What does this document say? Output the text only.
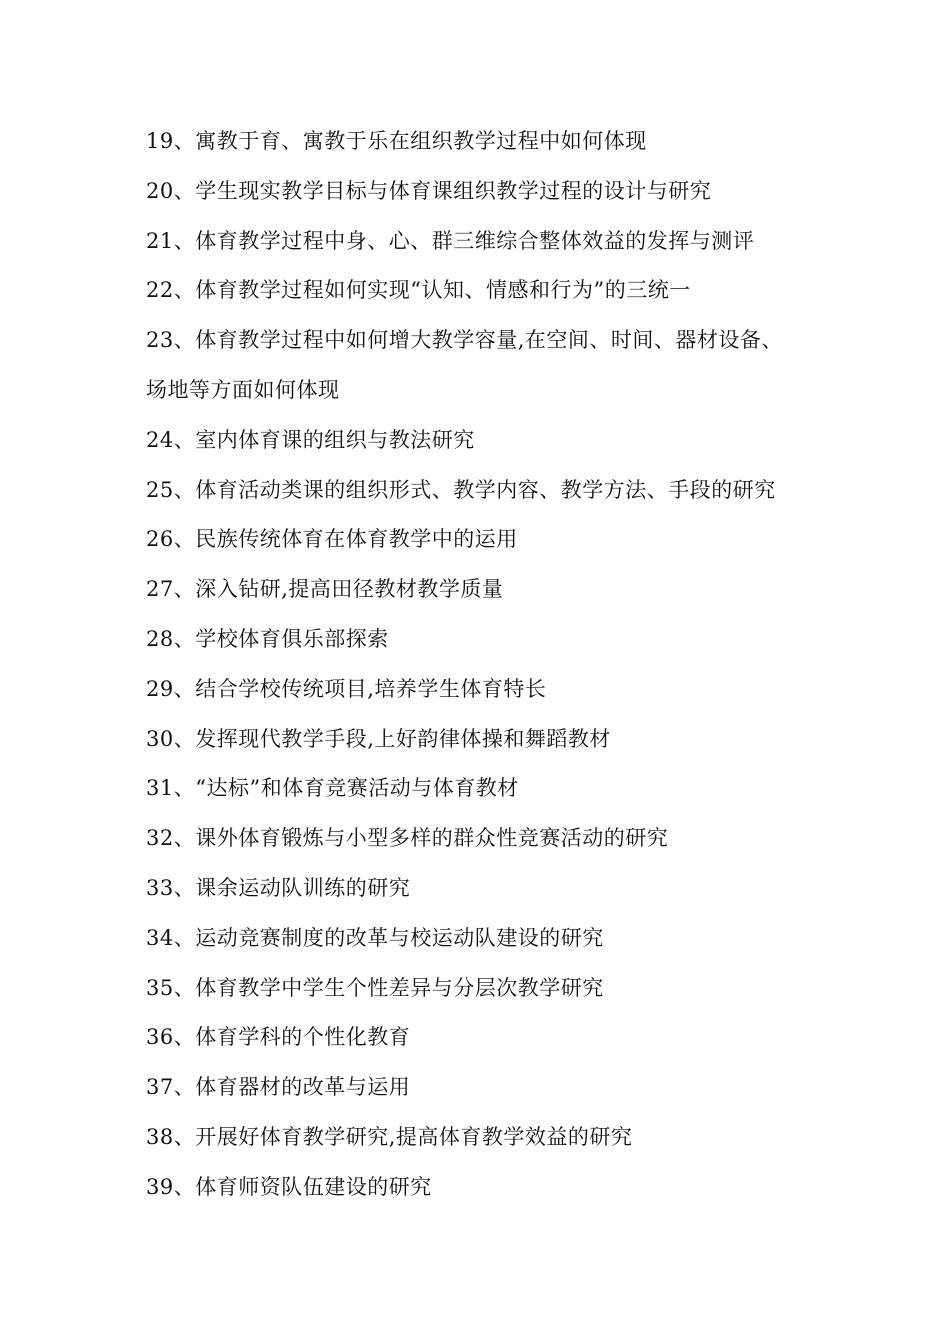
19、寓教于育、寓教于乐在组织教学过程中如何体现
20、学生现实教学目标与体育课组织教学过程的设计与研究
21、体育教学过程中身、心、群三维综合整体效益的发挥与测评
22、体育教学过程如何实现“认知、情感和行为”的三统一
23、体育教学过程中如何增大教学容量,在空间、时间、器材设备、
场地等方面如何体现
24、室内体育课的组织与教法研究
25、体育活动类课的组织形式、教学内容、教学方法、手段的研究
26、民族传统体育在体育教学中的运用
27、深入钻研,提高田径教材教学质量
28、学校体育俱乐部探索
29、结合学校传统项目,培养学生体育特长
30、发挥现代教学手段,上好韵律体操和舞蹈教材
31、“达标”和体育竞赛活动与体育教材
32、课外体育锻炼与小型多样的群众性竞赛活动的研究
33、课余运动队训练的研究
34、运动竞赛制度的改革与校运动队建设的研究
35、体育教学中学生个性差异与分层次教学研究
36、体育学科的个性化教育
37、体育器材的改革与运用
38、开展好体育教学研究,提高体育教学效益的研究
39、体育师资队伍建设的研究
